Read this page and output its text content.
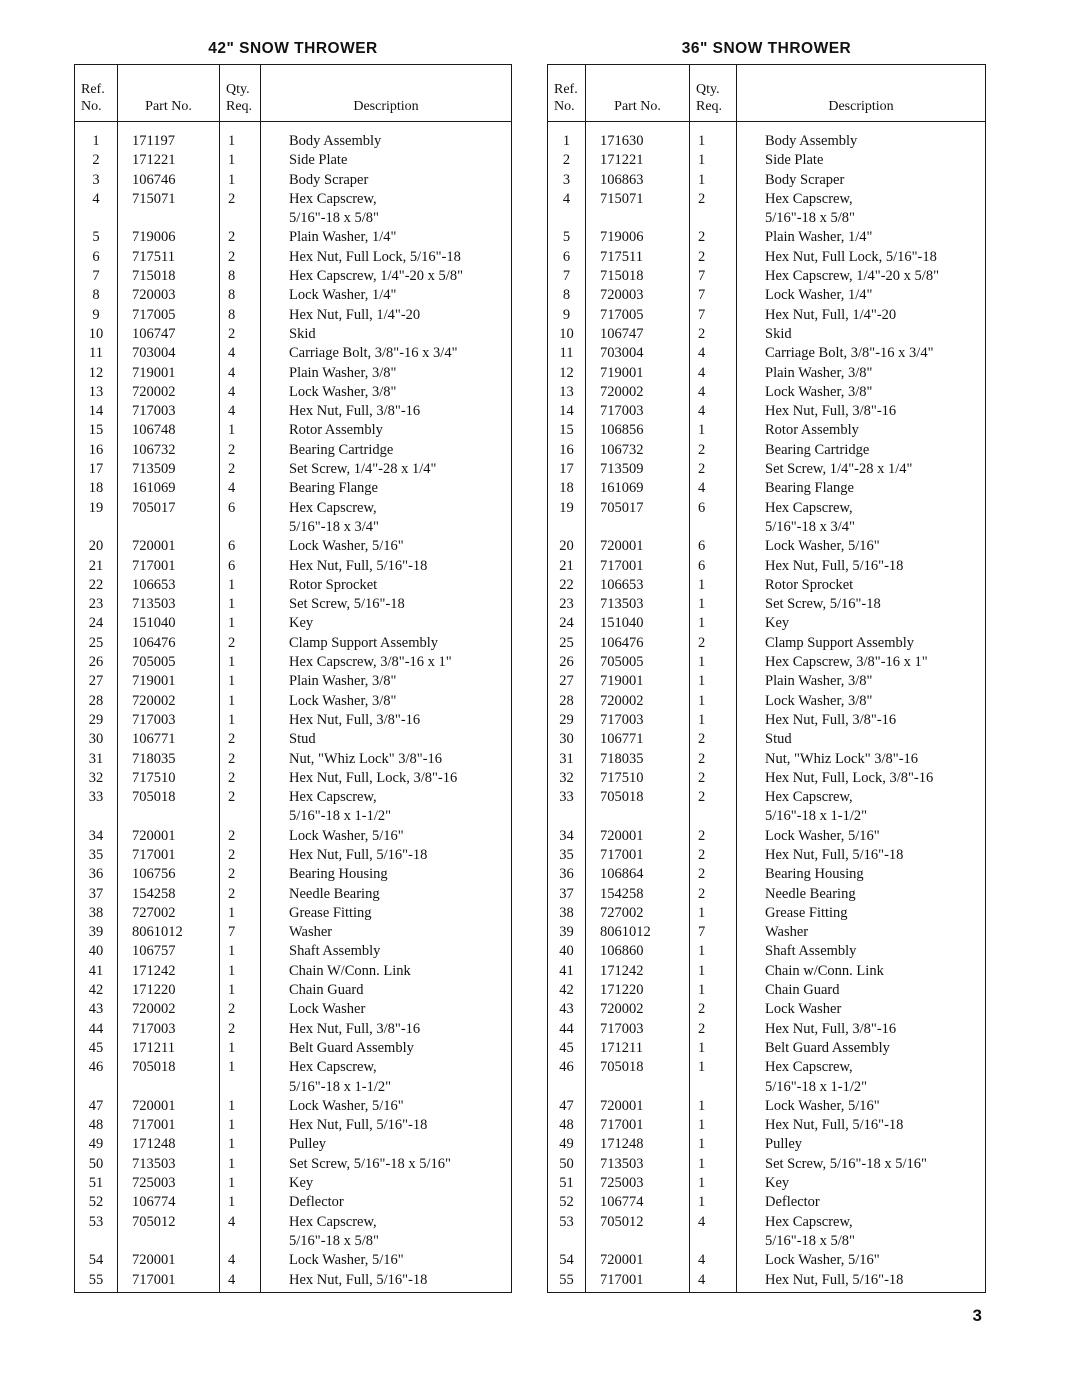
42" SNOW THROWER
Ref.
No.	Part No.	Qty.
Req.	Description
1	171197	1	Body Assembly
2	171221	1	Side Plate
3	106746	1	Body Scraper
4	715071	2	Hex Capscrew,
5/16"-18 x 5/8"

5	719006	2	Plain Washer, 1/4"
6	717511	2	Hex Nut, Full Lock, 5/16"-18
7	715018	8	Hex Capscrew, 1/4"-20 x 5/8"
8	720003	8	Lock Washer, 1/4"
9	717005	8	Hex Nut, Full, 1/4"-20
10	106747	2	Skid
11	703004	4	Carriage Bolt, 3/8"-16 x 3/4"
12	719001	4	Plain Washer, 3/8"
13	720002	4	Lock Washer, 3/8"
14	717003	4	Hex Nut, Full, 3/8"-16
15	106748	1	Rotor Assembly
16	106732	2	Bearing Cartridge
17	713509	2	Set Screw, 1/4"-28 x 1/4"
18	161069	4	Bearing Flange
19	705017	6	Hex Capscrew,
5/16"-18 x 3/4"

20	720001	6	Lock Washer, 5/16"
21	717001	6	Hex Nut, Full, 5/16"-18
22	106653	1	Rotor Sprocket
23	713503	1	Set Screw, 5/16"-18
24	151040	1	Key
25	106476	2	Clamp Support Assembly
26	705005	1	Hex Capscrew, 3/8"-16 x 1"
27	719001	1	Plain Washer, 3/8"
28	720002	1	Lock Washer, 3/8"
29	717003	1	Hex Nut, Full, 3/8"-16
30	106771	2	Stud
31	718035	2	Nut, "Whiz Lock" 3/8"-16
32	717510	2	Hex Nut, Full, Lock, 3/8"-16
33	705018	2	Hex Capscrew,
5/16"-18 x 1-1/2"

34	720001	2	Lock Washer, 5/16"
35	717001	2	Hex Nut, Full, 5/16"-18
36	106756	2	Bearing Housing
37	154258	2	Needle Bearing
38	727002	1	Grease Fitting
39	8061012	7	Washer
40	106757	1	Shaft Assembly
41	171242	1	Chain W/Conn. Link
42	171220	1	Chain Guard
43	720002	2	Lock Washer
44	717003	2	Hex Nut, Full, 3/8"-16
45	171211	1	Belt Guard Assembly
46	705018	1	Hex Capscrew,
5/16"-18 x 1-1/2"

47	720001	1	Lock Washer, 5/16"
48	717001	1	Hex Nut, Full, 5/16"-18
49	171248	1	Pulley
50	713503	1	Set Screw, 5/16"-18 x 5/16"
51	725003	1	Key
52	106774	1	Deflector
53	705012	4	Hex Capscrew,
5/16"-18 x 5/8"

54	720001	4	Lock Washer, 5/16"
55	717001	4	Hex Nut, Full, 5/16"-18
36" SNOW THROWER
Ref.
No.	Part No.	Qty.
Req.	Description
1	171630	1	Body Assembly
2	171221	1	Side Plate
3	106863	1	Body Scraper
4	715071	2	Hex Capscrew,
5/16"-18 x 5/8"

5	719006	2	Plain Washer, 1/4"
6	717511	2	Hex Nut, Full Lock, 5/16"-18
7	715018	7	Hex Capscrew, 1/4"-20 x 5/8"
8	720003	7	Lock Washer, 1/4"
9	717005	7	Hex Nut, Full, 1/4"-20
10	106747	2	Skid
11	703004	4	Carriage Bolt, 3/8"-16 x 3/4"
12	719001	4	Plain Washer, 3/8"
13	720002	4	Lock Washer, 3/8"
14	717003	4	Hex Nut, Full, 3/8"-16
15	106856	1	Rotor Assembly
16	106732	2	Bearing Cartridge
17	713509	2	Set Screw, 1/4"-28 x 1/4"
18	161069	4	Bearing Flange
19	705017	6	Hex Capscrew,
5/16"-18 x 3/4"

20	720001	6	Lock Washer, 5/16"
21	717001	6	Hex Nut, Full, 5/16"-18
22	106653	1	Rotor Sprocket
23	713503	1	Set Screw, 5/16"-18
24	151040	1	Key
25	106476	2	Clamp Support Assembly
26	705005	1	Hex Capscrew, 3/8"-16 x 1"
27	719001	1	Plain Washer, 3/8"
28	720002	1	Lock Washer, 3/8"
29	717003	1	Hex Nut, Full, 3/8"-16
30	106771	2	Stud
31	718035	2	Nut, "Whiz Lock" 3/8"-16
32	717510	2	Hex Nut, Full, Lock, 3/8"-16
33	705018	2	Hex Capscrew,
5/16"-18 x 1-1/2"

34	720001	2	Lock Washer, 5/16"
35	717001	2	Hex Nut, Full, 5/16"-18
36	106864	2	Bearing Housing
37	154258	2	Needle Bearing
38	727002	1	Grease Fitting
39	8061012	7	Washer
40	106860	1	Shaft Assembly
41	171242	1	Chain w/Conn. Link
42	171220	1	Chain Guard
43	720002	2	Lock Washer
44	717003	2	Hex Nut, Full, 3/8"-16
45	171211	1	Belt Guard Assembly
46	705018	1	Hex Capscrew,
5/16"-18 x 1-1/2"

47	720001	1	Lock Washer, 5/16"
48	717001	1	Hex Nut, Full, 5/16"-18
49	171248	1	Pulley
50	713503	1	Set Screw, 5/16"-18 x 5/16"
51	725003	1	Key
52	106774	1	Deflector
53	705012	4	Hex Capscrew,
5/16"-18 x 5/8"

54	720001	4	Lock Washer, 5/16"
55	717001	4	Hex Nut, Full, 5/16"-18
3
